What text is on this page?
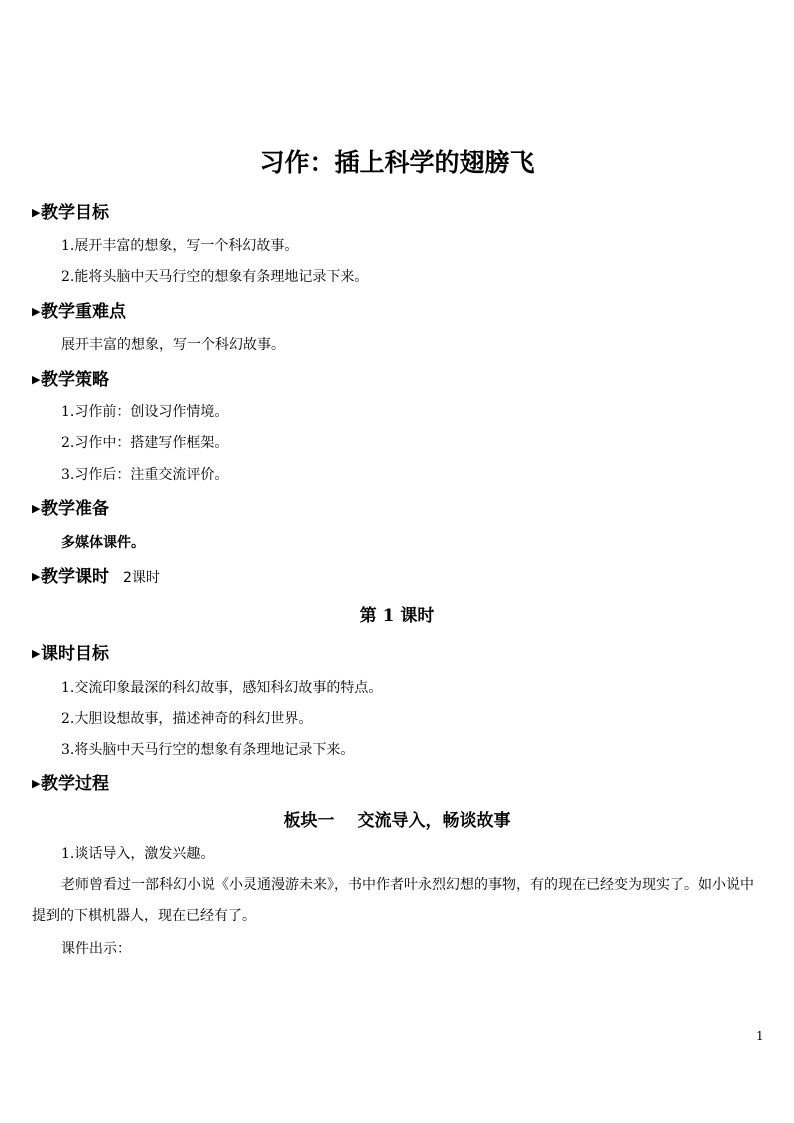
习作：插上科学的翅膀飞
▶教学目标
1.展开丰富的想象，写一个科幻故事。
2.能将头脑中天马行空的想象有条理地记录下来。
▶教学重难点
展开丰富的想象，写一个科幻故事。
▶教学策略
1.习作前：创设习作情境。
2.习作中：搭建写作框架。
3.习作后：注重交流评价。
▶教学准备
多媒体课件。
▶教学课时 2课时
第 1 课时
▶课时目标
1.交流印象最深的科幻故事，感知科幻故事的特点。
2.大胆设想故事，描述神奇的科幻世界。
3.将头脑中天马行空的想象有条理地记录下来。
▶教学过程
板块一　 交流导入，畅谈故事
1.谈话导入，激发兴趣。
老师曾看过一部科幻小说《小灵通漫游未来》，书中作者叶永烈幻想的事物，有的现在已经变为现实了。如小说中提到的下棋机器人，现在已经有了。
课件出示：
1
